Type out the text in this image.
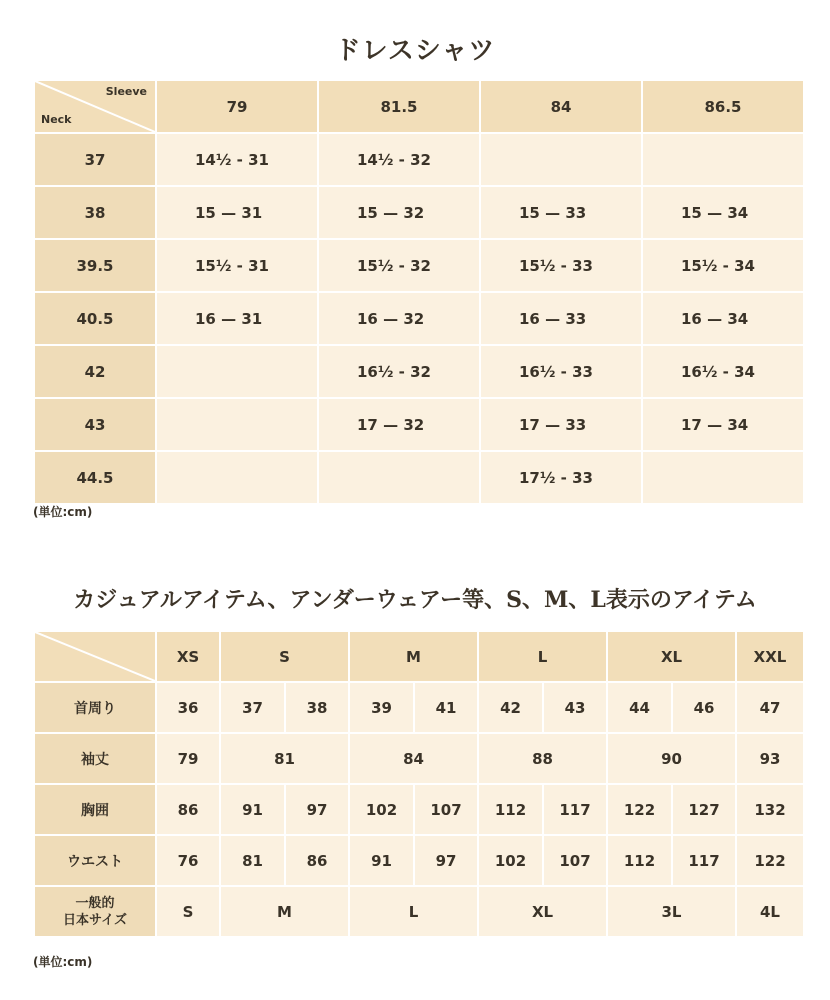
ドレスシャツ
Sleeve
Neck	79	81.5	84	86.5
37	14½ - 31	14½ - 32		
38	15 — 31	15 — 32	15 — 33	15 — 34
39.5	15½ - 31	15½ - 32	15½ - 33	15½ - 34
40.5	16 — 31	16 — 32	16 — 33	16 — 34
42		16½ - 32	16½ - 33	16½ - 34
43		17 — 32	17 — 33	17 — 34
44.5			17½ - 33	
(単位:cm)
カジュアルアイテム、アンダーウェアー等、S、M、L表示のアイテム
	XS	S		M		L		XL		XXL
首周り	36	37	38	39	41	42	43	44	46	47
袖丈	79	81		84		88		90		93
胸囲	86	91	97	102	107	112	117	122	127	132
ウエスト	76	81	86	91	97	102	107	112	117	122

一般的
日本サイズ	S	M		L		XL		3L		4L
(単位:cm)
